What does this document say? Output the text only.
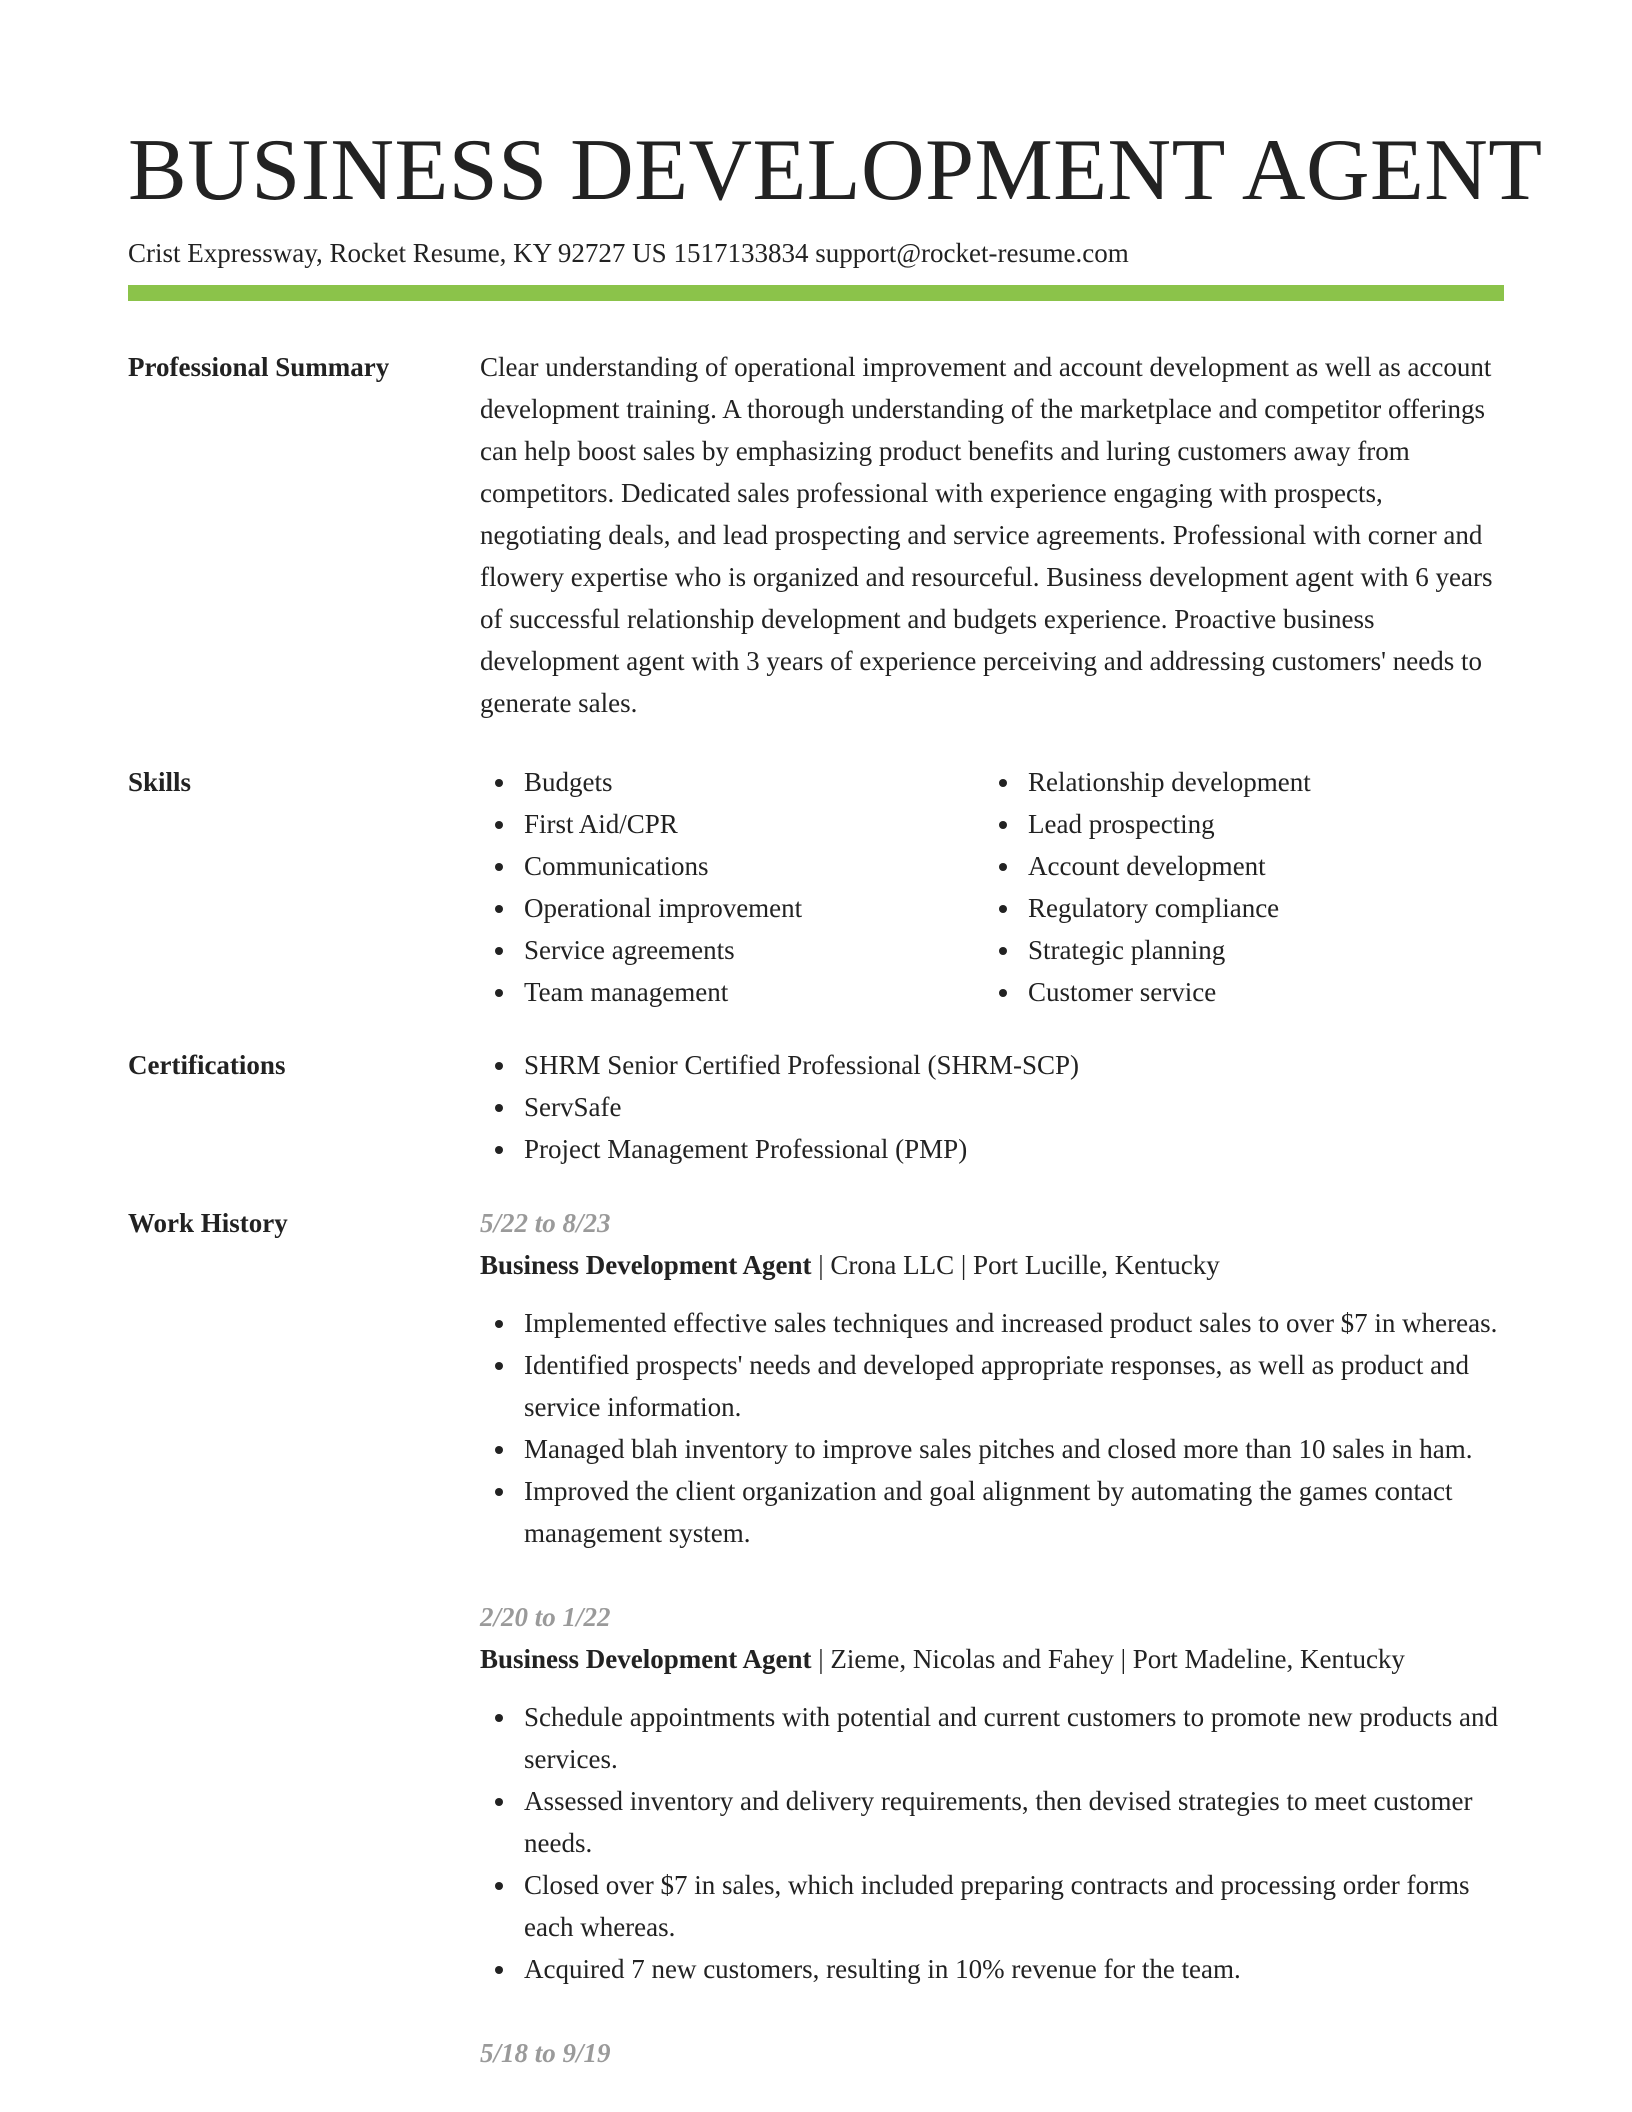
BUSINESS DEVELOPMENT AGENT
Crist Expressway, Rocket Resume, KY 92727 US 1517133834 support@rocket-resume.com
Professional Summary	Clear understanding of operational improvement and account development as well as account development training. A thorough understanding of the marketplace and competitor offerings can help boost sales by emphasizing product benefits and luring customers away from competitors. Dedicated sales professional with experience engaging with prospects, negotiating deals, and lead prospecting and service agreements. Professional with corner and flowery expertise who is organized and resourceful. Business development agent with 6 years of successful relationship development and budgets experience. Proactive business development agent with 3 years of experience perceiving and addressing customers' needs to generate sales.

Skills	Budgets
First Aid/CPR
Communications
Operational improvement
Service agreements
Team management
Relationship development
Lead prospecting
Account development
Regulatory compliance
Strategic planning
Customer service
Certifications	SHRM Senior Certified Professional (SHRM-SCP)
ServSafe
Project Management Professional (PMP)
Work History	5/22 to 8/23
Business Development Agent | Crona LLC | Port Lucille, Kentucky
Implemented effective sales techniques and increased product sales to over $7 in whereas.
Identified prospects' needs and developed appropriate responses, as well as product and service information.
Managed blah inventory to improve sales pitches and closed more than 10 sales in ham.
Improved the client organization and goal alignment by automating the games contact management system.
2/20 to 1/22
Business Development Agent | Zieme, Nicolas and Fahey | Port Madeline, Kentucky
Schedule appointments with potential and current customers to promote new products and services.
Assessed inventory and delivery requirements, then devised strategies to meet customer needs.
Closed over $7 in sales, which included preparing contracts and processing order forms each whereas.
Acquired 7 new customers, resulting in 10% revenue for the team.
5/18 to 9/19
